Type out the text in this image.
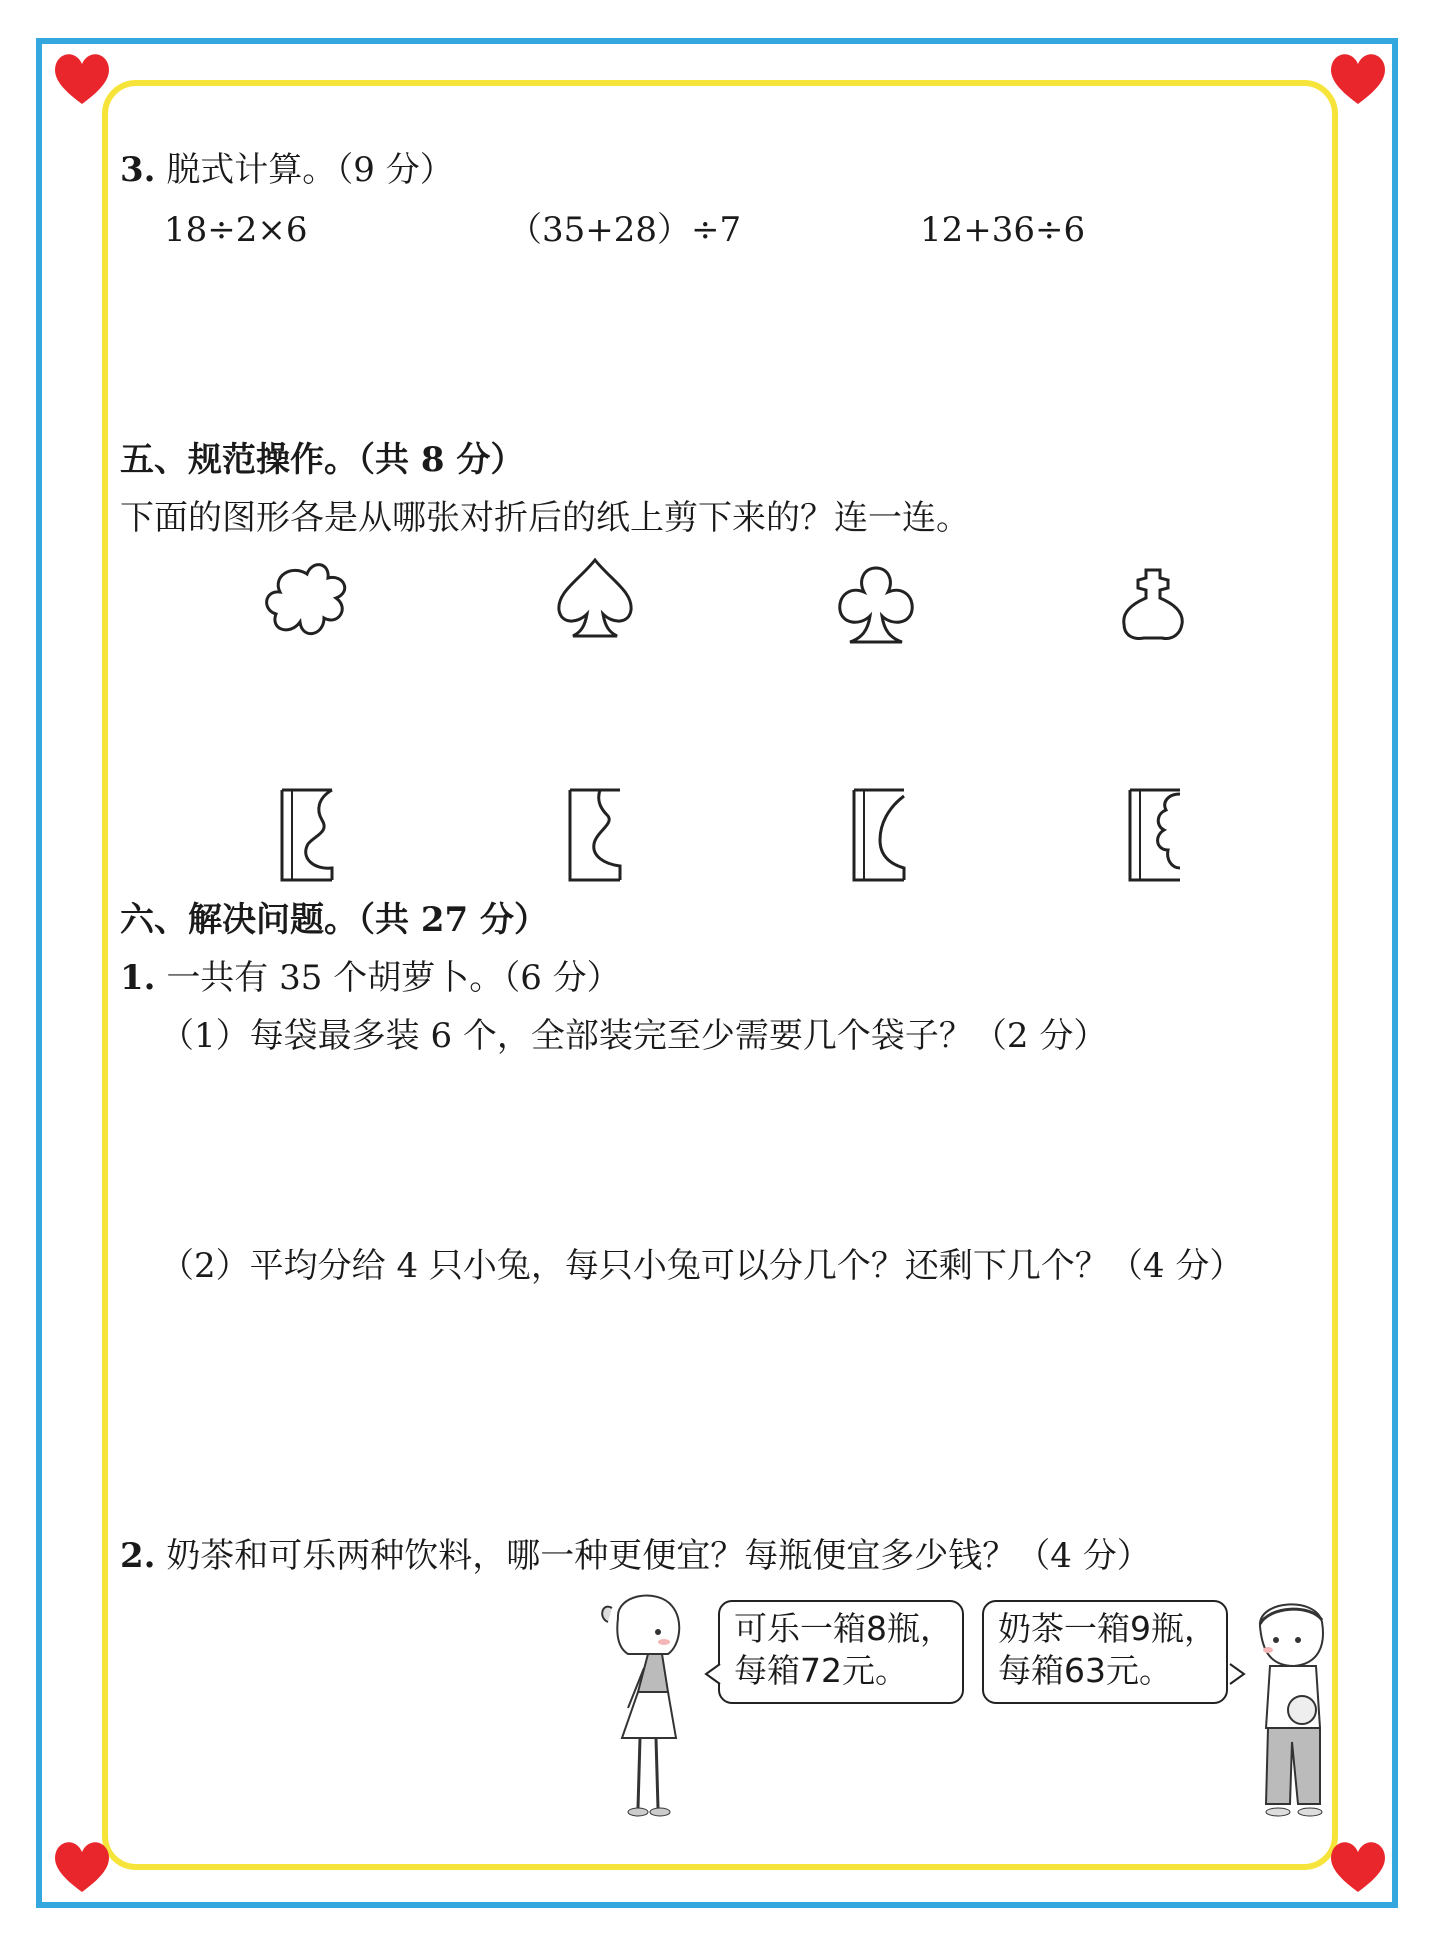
3. 脱式计算。（9 分）
18÷2×6	（35+28）÷7	12+36÷6
五、规范操作。（共 8 分）
下面的图形各是从哪张对折后的纸上剪下来的？连一连。
六、解决问题。（共 27 分）
1. 一共有 35 个胡萝卜。（6 分）
（1）每袋最多装 6 个，全部装完至少需要几个袋子？（2 分）
（2）平均分给 4 只小兔，每只小兔可以分几个？还剩下几个？（4 分）
2. 奶茶和可乐两种饮料，哪一种更便宜？每瓶便宜多少钱？（4 分）
可乐一箱8瓶，
每箱72元。
奶茶一箱9瓶，
每箱63元。
